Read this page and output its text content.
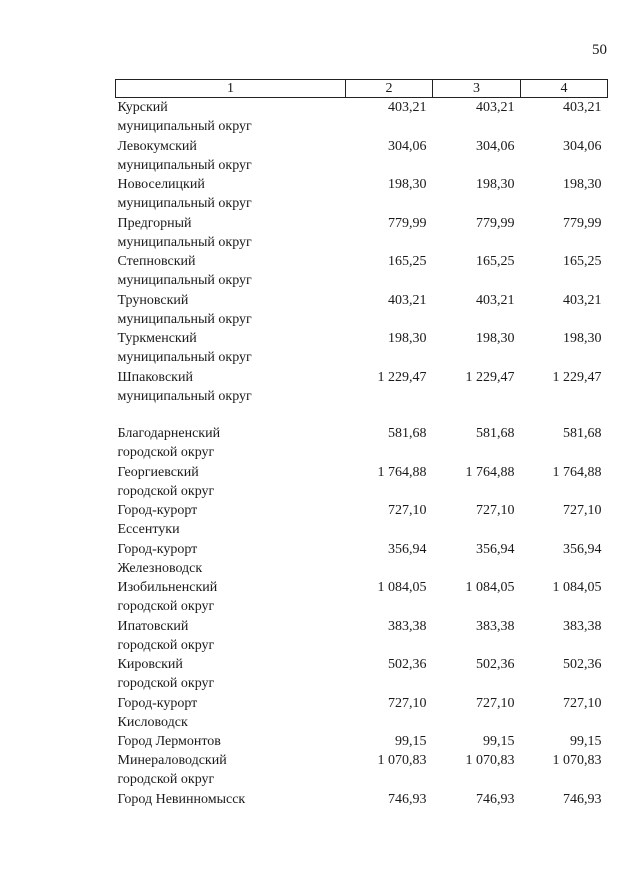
50
1	2	3	4

Курский
муниципальный округ	403,21	403,21	403,21

Левокумский
муниципальный округ	304,06	304,06	304,06

Новоселицкий
муниципальный округ	198,30	198,30	198,30

Предгорный
муниципальный округ	779,99	779,99	779,99

Степновский
муниципальный округ	165,25	165,25	165,25

Труновский
муниципальный округ	403,21	403,21	403,21

Туркменский
муниципальный округ	198,30	198,30	198,30

Шпаковский
муниципальный округ	1 229,47	1 229,47	1 229,47

Благодарненский
городской округ	581,68	581,68	581,68

Георгиевский
городской округ	1 764,88	1 764,88	1 764,88

Город-курорт
Ессентуки	727,10	727,10	727,10

Город-курорт
Железноводск	356,94	356,94	356,94

Изобильненский
городской округ	1 084,05	1 084,05	1 084,05

Ипатовский
городской округ	383,38	383,38	383,38

Кировский
городской округ	502,36	502,36	502,36

Город-курорт
Кисловодск	727,10	727,10	727,10

Город Лермонтов	99,15	99,15	99,15

Минераловодский
городской округ	1 070,83	1 070,83	1 070,83

Город Невинномысск	746,93	746,93	746,93
